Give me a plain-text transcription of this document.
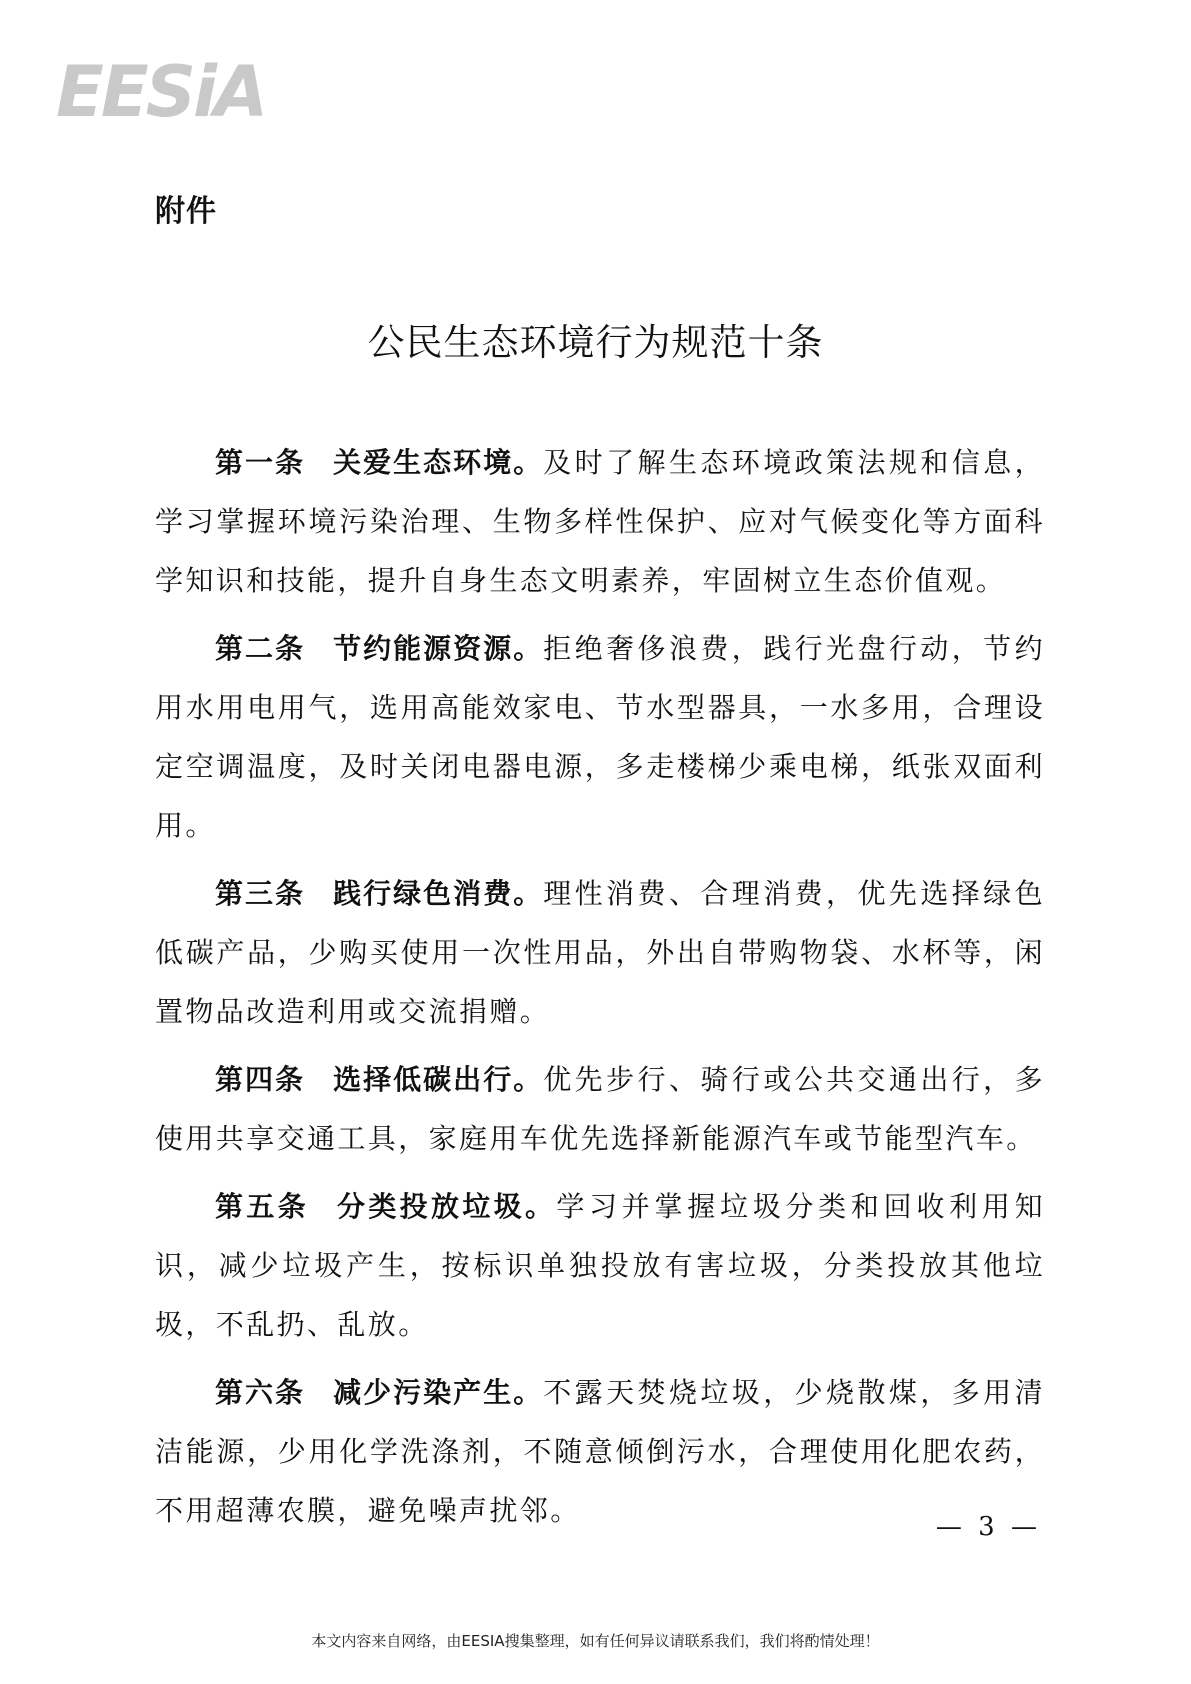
EESiA
附件
公民生态环境行为规范十条

第一条 关爱生态环境。及时了解生态环境政策法规和信息，学习掌握环境污染治理、生物多样性保护、应对气候变化等方面科学知识和技能，提升自身生态文明素养，牢固树立生态价值观。

第二条 节约能源资源。拒绝奢侈浪费，践行光盘行动，节约用水用电用气，选用高能效家电、节水型器具，一水多用，合理设定空调温度，及时关闭电器电源，多走楼梯少乘电梯，纸张双面利用。

第三条 践行绿色消费。理性消费、合理消费，优先选择绿色低碳产品，少购买使用一次性用品，外出自带购物袋、水杯等，闲置物品改造利用或交流捐赠。

第四条 选择低碳出行。优先步行、骑行或公共交通出行，多使用共享交通工具，家庭用车优先选择新能源汽车或节能型汽车。

第五条 分类投放垃圾。学习并掌握垃圾分类和回收利用知识，减少垃圾产生，按标识单独投放有害垃圾，分类投放其他垃圾，不乱扔、乱放。

第六条 减少污染产生。不露天焚烧垃圾，少烧散煤，多用清洁能源，少用化学洗涤剂，不随意倾倒污水，合理使用化肥农药，不用超薄农膜，避免噪声扰邻。	— 3 —
本文内容来自网络，由EESIA搜集整理，如有任何异议请联系我们，我们将酌情处理！
